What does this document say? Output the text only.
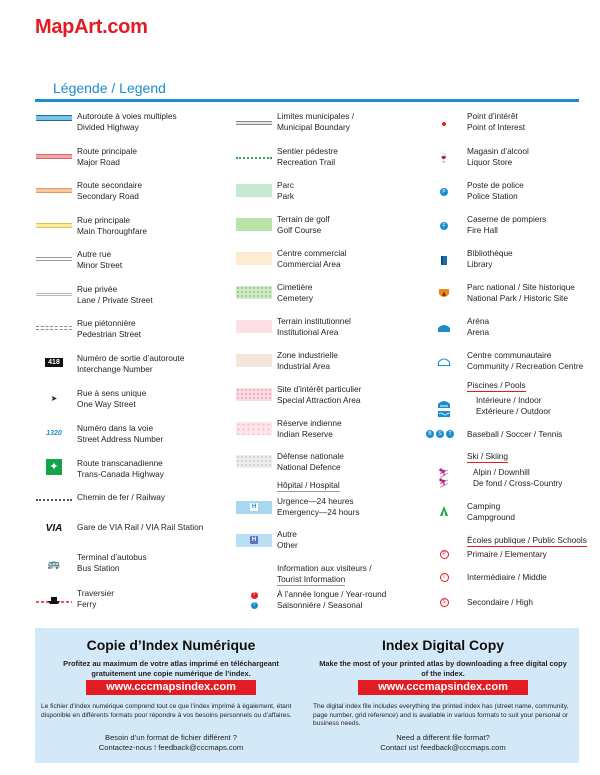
MapArt.com
Légende / Legend
Autoroute à voies multiples
Divided Highway
Route principale
Major Road
Route secondaire
Secondary Road
Rue principale
Main Thoroughfare
Autre rue
Minor Street
Rue privée
Lane / Private Street
Rue piétonnière
Pedestrian Street
418	Numéro de sortie d’autoroute
Interchange Number
➤ Rue à sens unique
One Way Street
1320 Numéro dans la voie
Street Address Number
✦	Route transcanadienne
Trans-Canada Highway
Chemin de fer / Railway
VIA Gare de VIA Rail / VIA Rail Station
🚌
Terminal d’autobus
Bus Station
Traversier
Ferry
Limites municipales /
Municipal Boundary
Sentier pédestre
Recreation Trail
Parc
Park
Terrain de golf
Golf Course
Centre commercial
Commercial Area
Cimetière
Cemetery
Terrain institutionnel
Institutional Area
Zone industrielle
Industrial Area
Site d’intérêt particulier
Special Attraction Area
Réserve indienne
Indian Reserve
Défense nationale
National Defence
Hôpital / Hospital
H
Urgence—24 heures
Emergency—24 hours
H
Autre
Other
Information aux visiteurs /
Tourist Information
?	À l’année longue / Year-round
?	Saisonnière / Seasonal
Point d’intérêt
Point of Interest
🍷
Magasin d’alcool
Liquor Store
P
Poste de police
Police Station
F
Caserne de pompiers
Fire Hall
Bibliothèque
Library
Parc national / Site historique
National Park / Historic Site
Aréna
Arena
Centre communautaire
Community / Recreation Centre
Piscines / Pools
Intérieure / Indoor
Extérieure / Outdoor
B	S	T Baseball / Soccer / Tennis
Ski / Skiing
⛷
⛷
Alpin / Downhill
De fond / Cross-Country
Camping
Campground
Écoles publique / Public Schools
P	Primaire / Elementary
I	Intermédiaire / Middle
S	Secondaire / High
Copie d’Index Numérique
Profitez au maximum de votre atlas imprimé en téléchargeant gratuitement une copie numérique de l’index.
www.cccmapsindex.com
Le fichier d’index numérique comprend tout ce que l’index imprimé à également, étant disponible en différents formats pour répondre à vos besoins personnels ou d’affaires.
Besoin d’un format de fichier différent ?
Contactez-nous ! feedback@cccmaps.com
Index Digital Copy
Make the most of your printed atlas by downloading a free digital copy of the index.
www.cccmapsindex.com
The digital index file includes everything the printed index has (street name, community, page number, grid reference) and is available in various formats to suit your personal or business needs.
Need a different file format?
Contact us! feedback@cccmaps.com
